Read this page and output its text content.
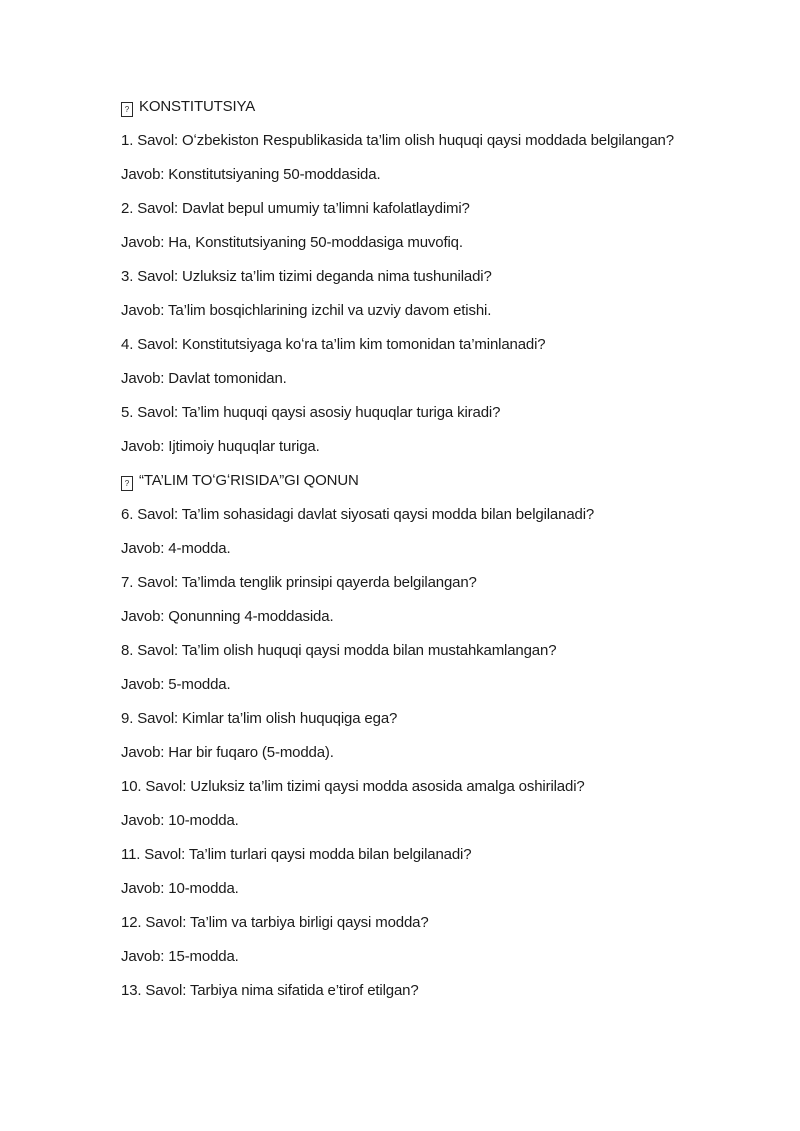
? KONSTITUTSIYA

1. Savol: Oʻzbekiston Respublikasida ta’lim olish huquqi qaysi moddada belgilangan?

Javob: Konstitutsiyaning 50-moddasida.

2. Savol: Davlat bepul umumiy ta’limni kafolatlaydimi?

Javob: Ha, Konstitutsiyaning 50-moddasiga muvofiq.

3. Savol: Uzluksiz ta’lim tizimi deganda nima tushuniladi?

Javob: Ta’lim bosqichlarining izchil va uzviy davom etishi.

4. Savol: Konstitutsiyaga koʻra ta’lim kim tomonidan ta’minlanadi?

Javob: Davlat tomonidan.

5. Savol: Ta’lim huquqi qaysi asosiy huquqlar turiga kiradi?

Javob: Ijtimoiy huquqlar turiga.

? “TA’LIM TOʻGʻRISIDA”GI QONUN

6. Savol: Ta’lim sohasidagi davlat siyosati qaysi modda bilan belgilanadi?

Javob: 4-modda.

7. Savol: Ta’limda tenglik prinsipi qayerda belgilangan?

Javob: Qonunning 4-moddasida.

8. Savol: Ta’lim olish huquqi qaysi modda bilan mustahkamlangan?

Javob: 5-modda.

9. Savol: Kimlar ta’lim olish huquqiga ega?

Javob: Har bir fuqaro (5-modda).

10. Savol: Uzluksiz ta’lim tizimi qaysi modda asosida amalga oshiriladi?

Javob: 10-modda.

11. Savol: Ta’lim turlari qaysi modda bilan belgilanadi?

Javob: 10-modda.

12. Savol: Ta’lim va tarbiya birligi qaysi modda?

Javob: 15-modda.

13. Savol: Tarbiya nima sifatida e’tirof etilgan?
